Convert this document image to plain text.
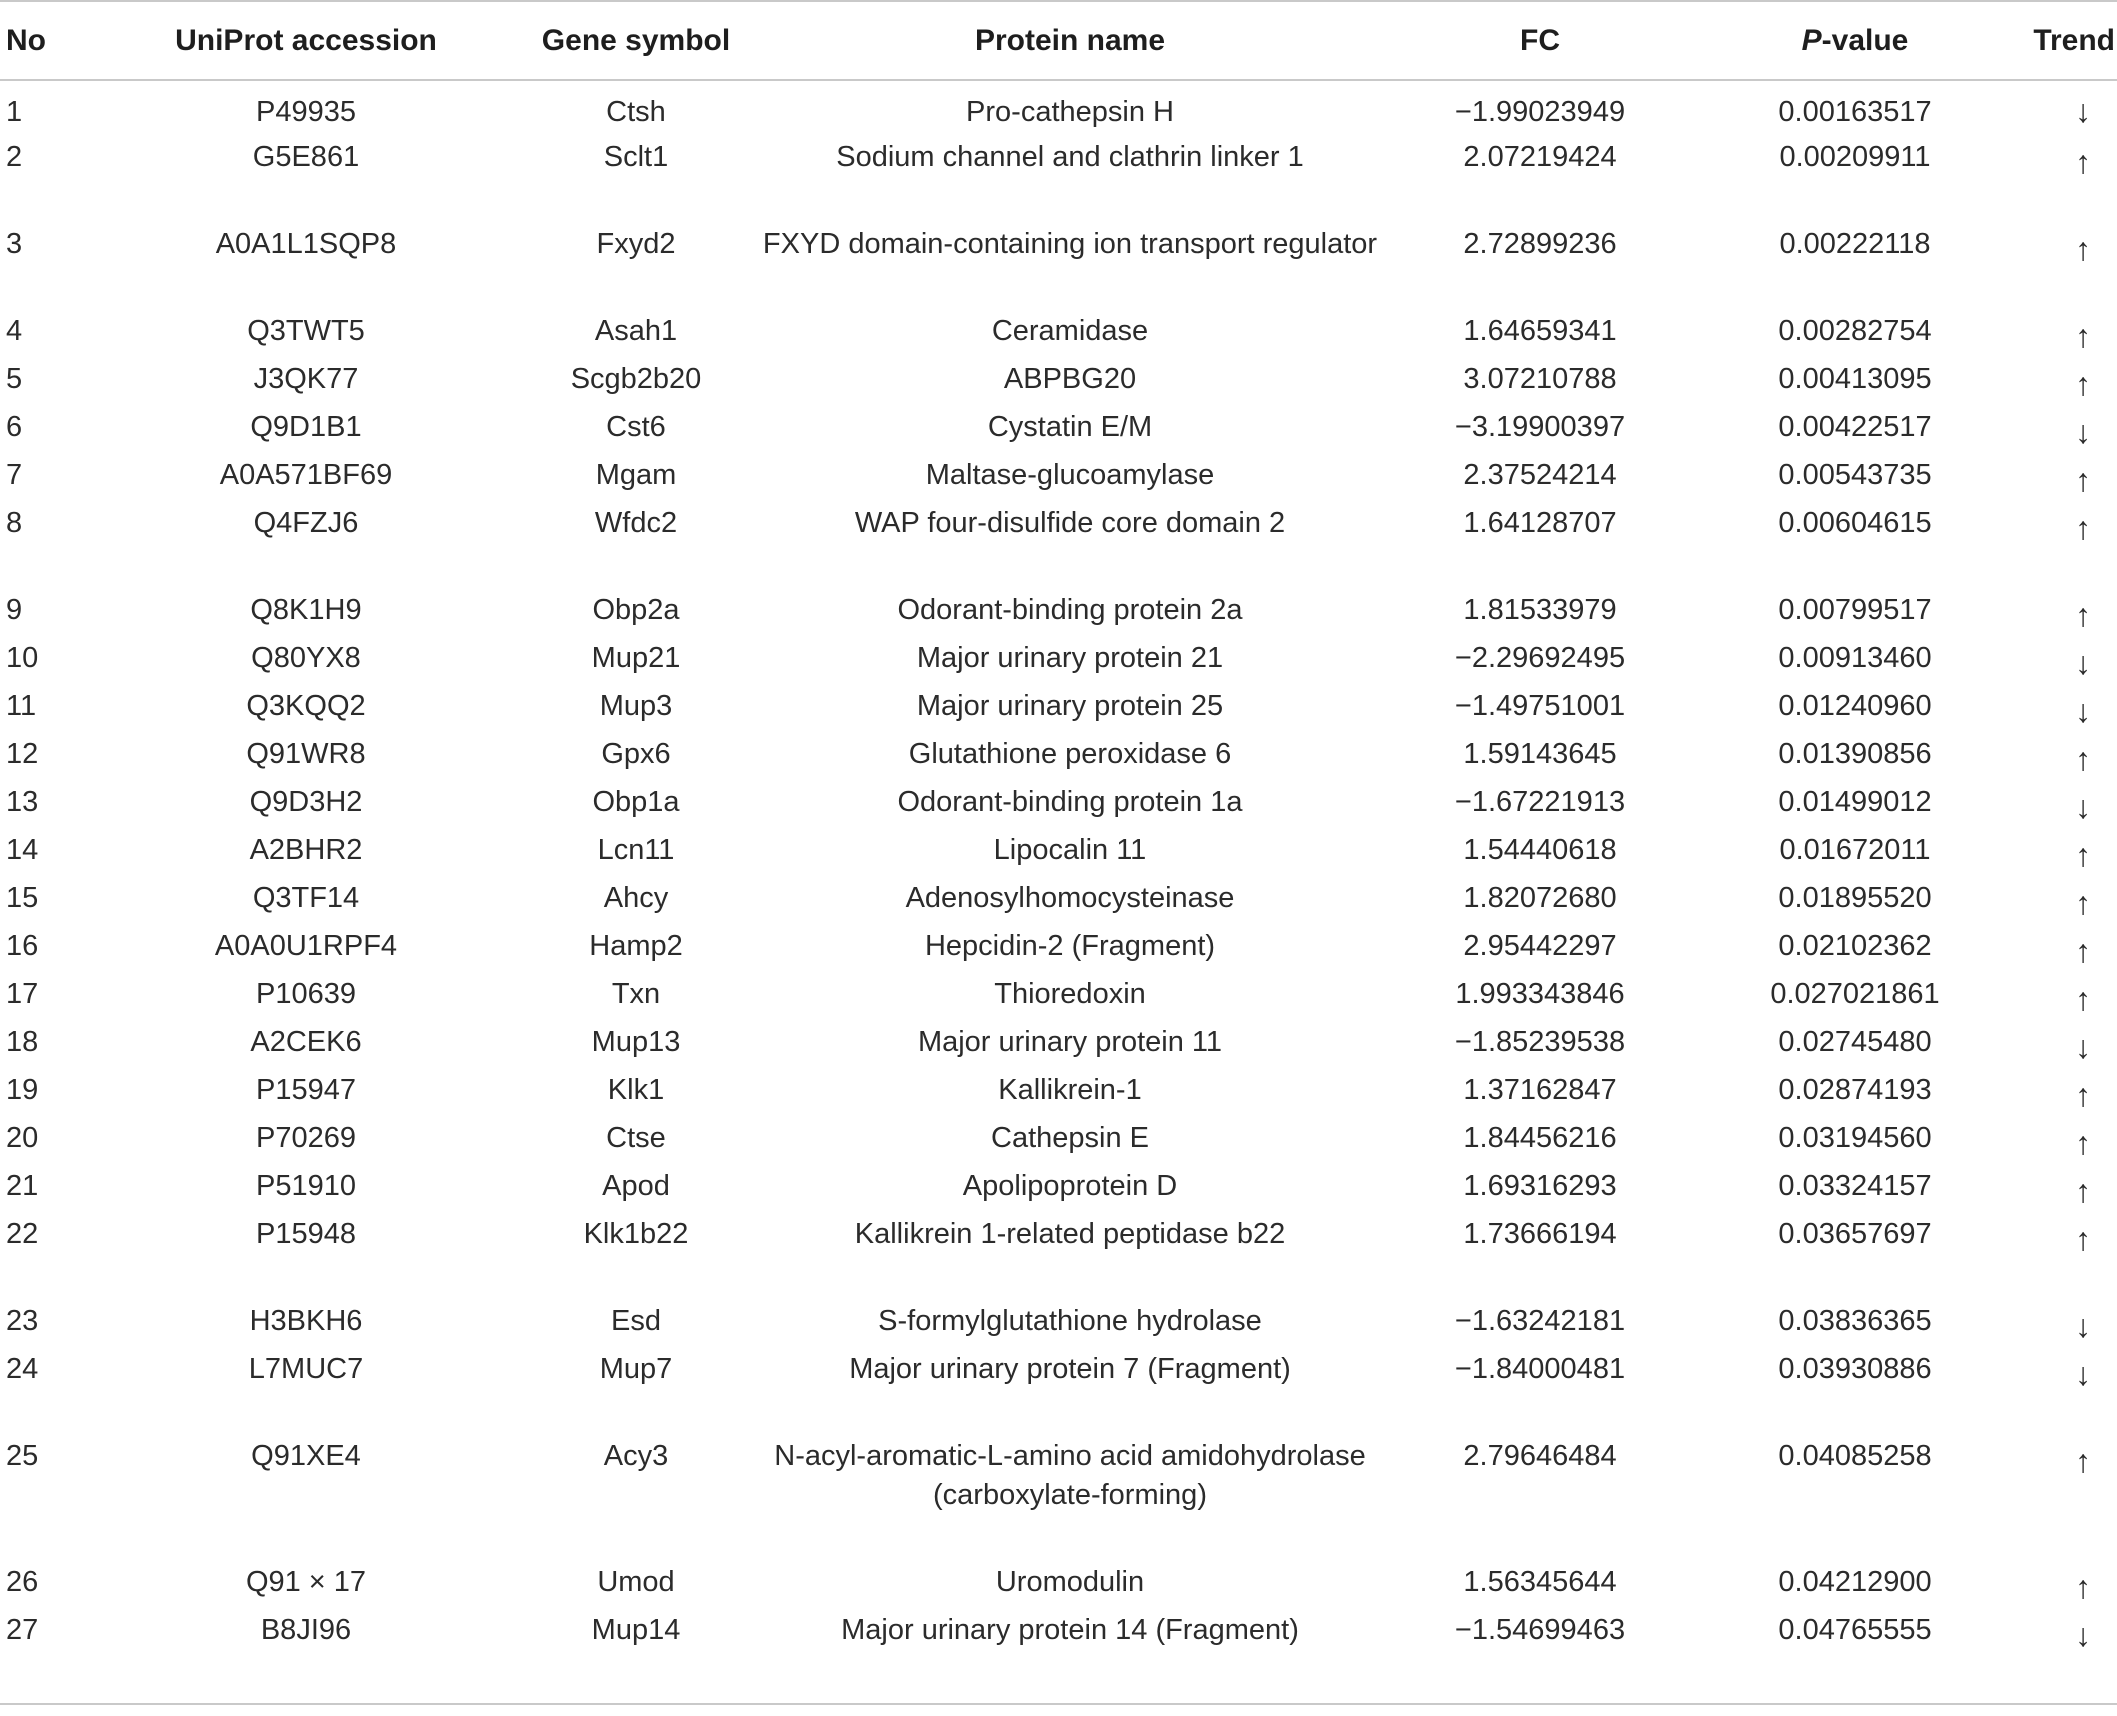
No	UniProt accession	Gene symbol	Protein name	FC	P-value	Trend
1	P49935	Ctsh	Pro-cathepsin H	−1.99023949	0.00163517	↓
2	G5E861	Sclt1	Sodium channel and clathrin linker 1	2.07219424	0.00209911	↑
3	A0A1L1SQP8	Fxyd2	FXYD domain-containing ion transport regulator	2.72899236	0.00222118	↑
4	Q3TWT5	Asah1	Ceramidase	1.64659341	0.00282754	↑
5	J3QK77	Scgb2b20	ABPBG20	3.07210788	0.00413095	↑
6	Q9D1B1	Cst6	Cystatin E/M	−3.19900397	0.00422517	↓
7	A0A571BF69	Mgam	Maltase-glucoamylase	2.37524214	0.00543735	↑
8	Q4FZJ6	Wfdc2	WAP four-disulfide core domain 2	1.64128707	0.00604615	↑
9	Q8K1H9	Obp2a	Odorant-binding protein 2a	1.81533979	0.00799517	↑
10	Q80YX8	Mup21	Major urinary protein 21	−2.29692495	0.00913460	↓
11	Q3KQQ2	Mup3	Major urinary protein 25	−1.49751001	0.01240960	↓
12	Q91WR8	Gpx6	Glutathione peroxidase 6	1.59143645	0.01390856	↑
13	Q9D3H2	Obp1a	Odorant-binding protein 1a	−1.67221913	0.01499012	↓
14	A2BHR2	Lcn11	Lipocalin 11	1.54440618	0.01672011	↑
15	Q3TF14	Ahcy	Adenosylhomocysteinase	1.82072680	0.01895520	↑
16	A0A0U1RPF4	Hamp2	Hepcidin-2 (Fragment)	2.95442297	0.02102362	↑
17	P10639	Txn	Thioredoxin	1.993343846	0.027021861	↑
18	A2CEK6	Mup13	Major urinary protein 11	−1.85239538	0.02745480	↓
19	P15947	Klk1	Kallikrein-1	1.37162847	0.02874193	↑
20	P70269	Ctse	Cathepsin E	1.84456216	0.03194560	↑
21	P51910	Apod	Apolipoprotein D	1.69316293	0.03324157	↑
22	P15948	Klk1b22	Kallikrein 1-related peptidase b22	1.73666194	0.03657697	↑
23	H3BKH6	Esd	S-formylglutathione hydrolase	−1.63242181	0.03836365	↓
24	L7MUC7	Mup7	Major urinary protein 7 (Fragment)	−1.84000481	0.03930886	↓
25	Q91XE4	Acy3	N-acyl-aromatic-L-amino acid amidohydrolase (carboxylate-forming)	2.79646484	0.04085258	↑
26	Q91 × 17	Umod	Uromodulin	1.56345644	0.04212900	↑
27	B8JI96	Mup14	Major urinary protein 14 (Fragment)	−1.54699463	0.04765555	↓
